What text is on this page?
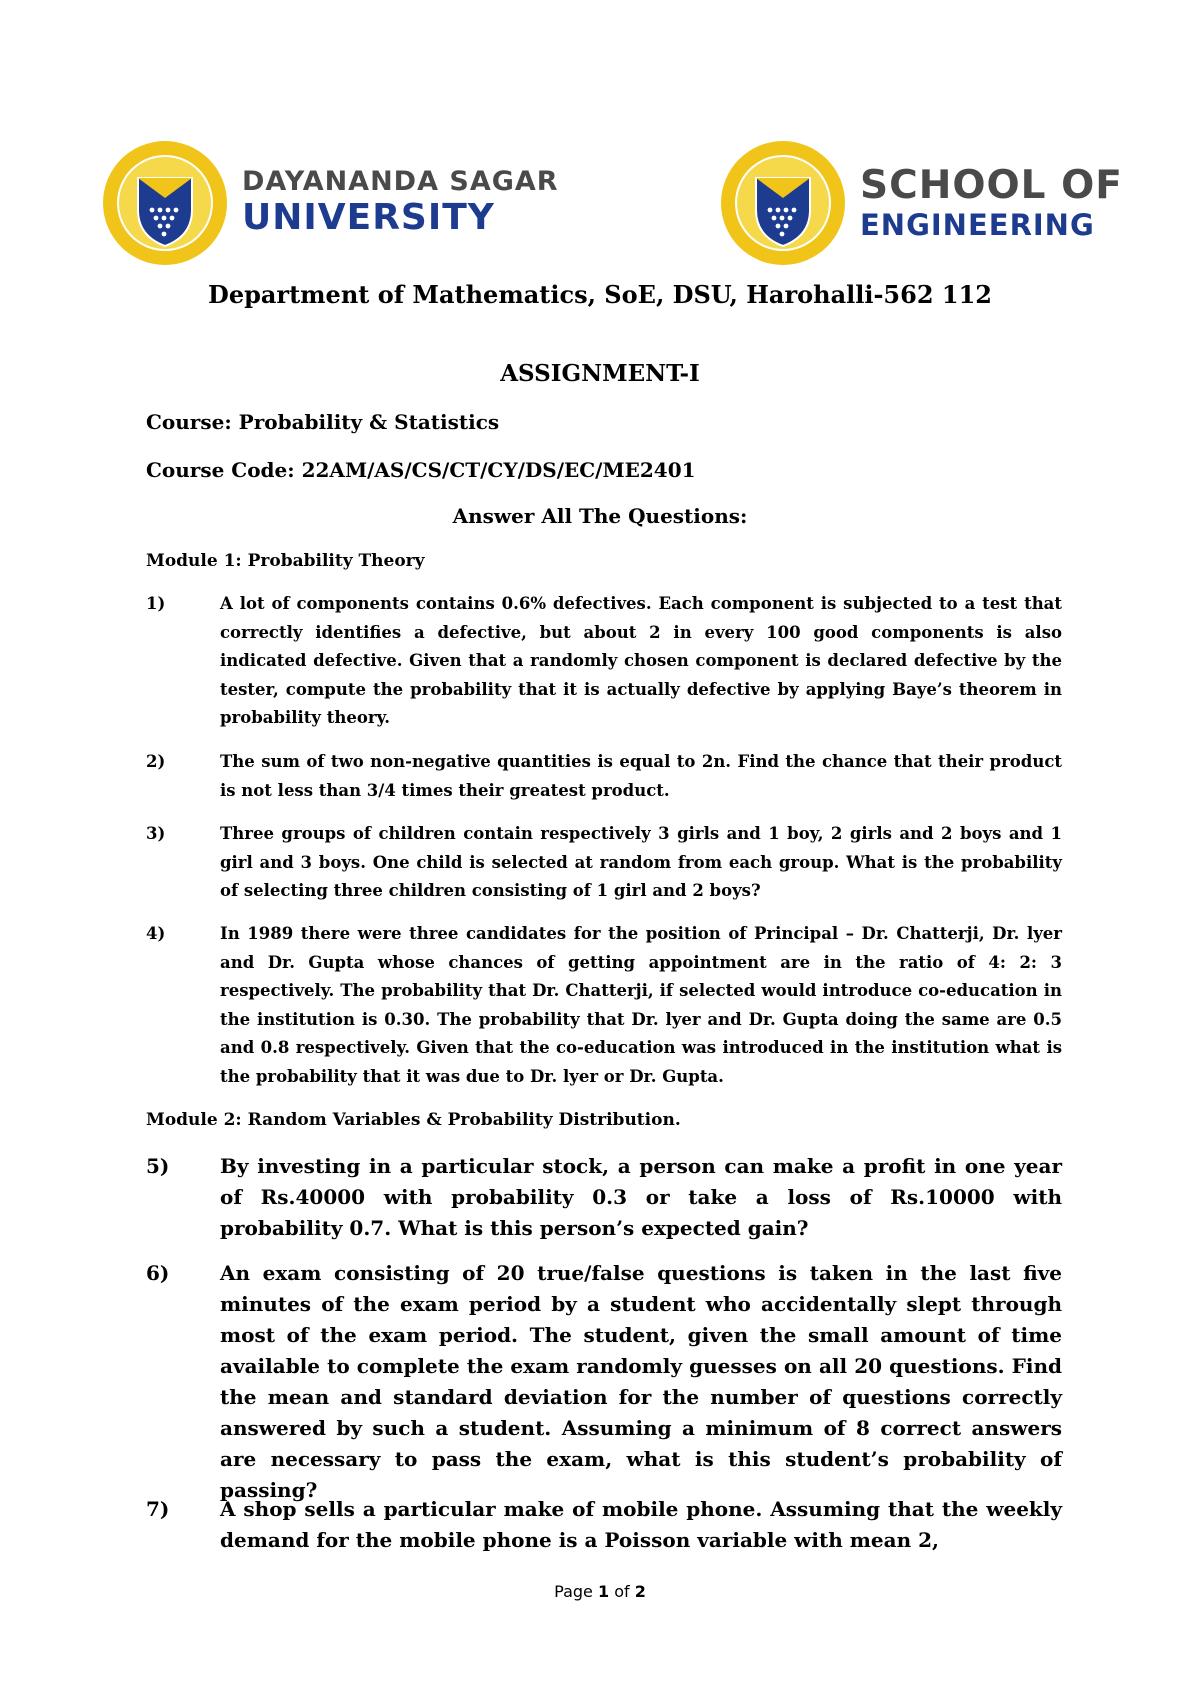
DAYANANDA SAGAR
UNIVERSITY
SCHOOL OF
ENGINEERING
Department of Mathematics, SoE, DSU, Harohalli-562 112
ASSIGNMENT-I
Course: Probability & Statistics
Course Code: 22AM/AS/CS/CT/CY/DS/EC/ME2401
Answer All The Questions:
Module 1: Probability Theory
1)	A lot of components contains 0.6% defectives. Each component is subjected to a test that correctly identifies a defective, but about 2 in every 100 good components is also indicated defective. Given that a randomly chosen component is declared defective by the tester, compute the probability that it is actually defective by applying Baye’s theorem in probability theory.
2)	The sum of two non-negative quantities is equal to 2n. Find the chance that their product is not less than 3/4 times their greatest product.
3)	Three groups of children contain respectively 3 girls and 1 boy, 2 girls and 2 boys and 1 girl and 3 boys. One child is selected at random from each group. What is the probability of selecting three children consisting of 1 girl and 2 boys?
4)	In 1989 there were three candidates for the position of Principal – Dr. Chatterji, Dr. lyer and Dr. Gupta whose chances of getting appointment are in the ratio of 4: 2: 3 respectively. The probability that Dr. Chatterji, if selected would introduce co-education in the institution is 0.30. The probability that Dr. lyer and Dr. Gupta doing the same are 0.5 and 0.8 respectively. Given that the co-education was introduced in the institution what is the probability that it was due to Dr. lyer or Dr. Gupta.
Module 2: Random Variables & Probability Distribution.
5)	By investing in a particular stock, a person can make a profit in one year of Rs.40000 with probability 0.3 or take a loss of Rs.10000 with probability 0.7. What is this person’s expected gain?
6)	An exam consisting of 20 true/false questions is taken in the last five minutes of the exam period by a student who accidentally slept through most of the exam period. The student, given the small amount of time available to complete the exam randomly guesses on all 20 questions. Find the mean and standard deviation for the number of questions correctly answered by such a student. Assuming a minimum of 8 correct answers are necessary to pass the exam, what is this student’s probability of passing?
7)	A shop sells a particular make of mobile phone. Assuming that the weekly demand for the mobile phone is a Poisson variable with mean 2,
Page 1 of 2
